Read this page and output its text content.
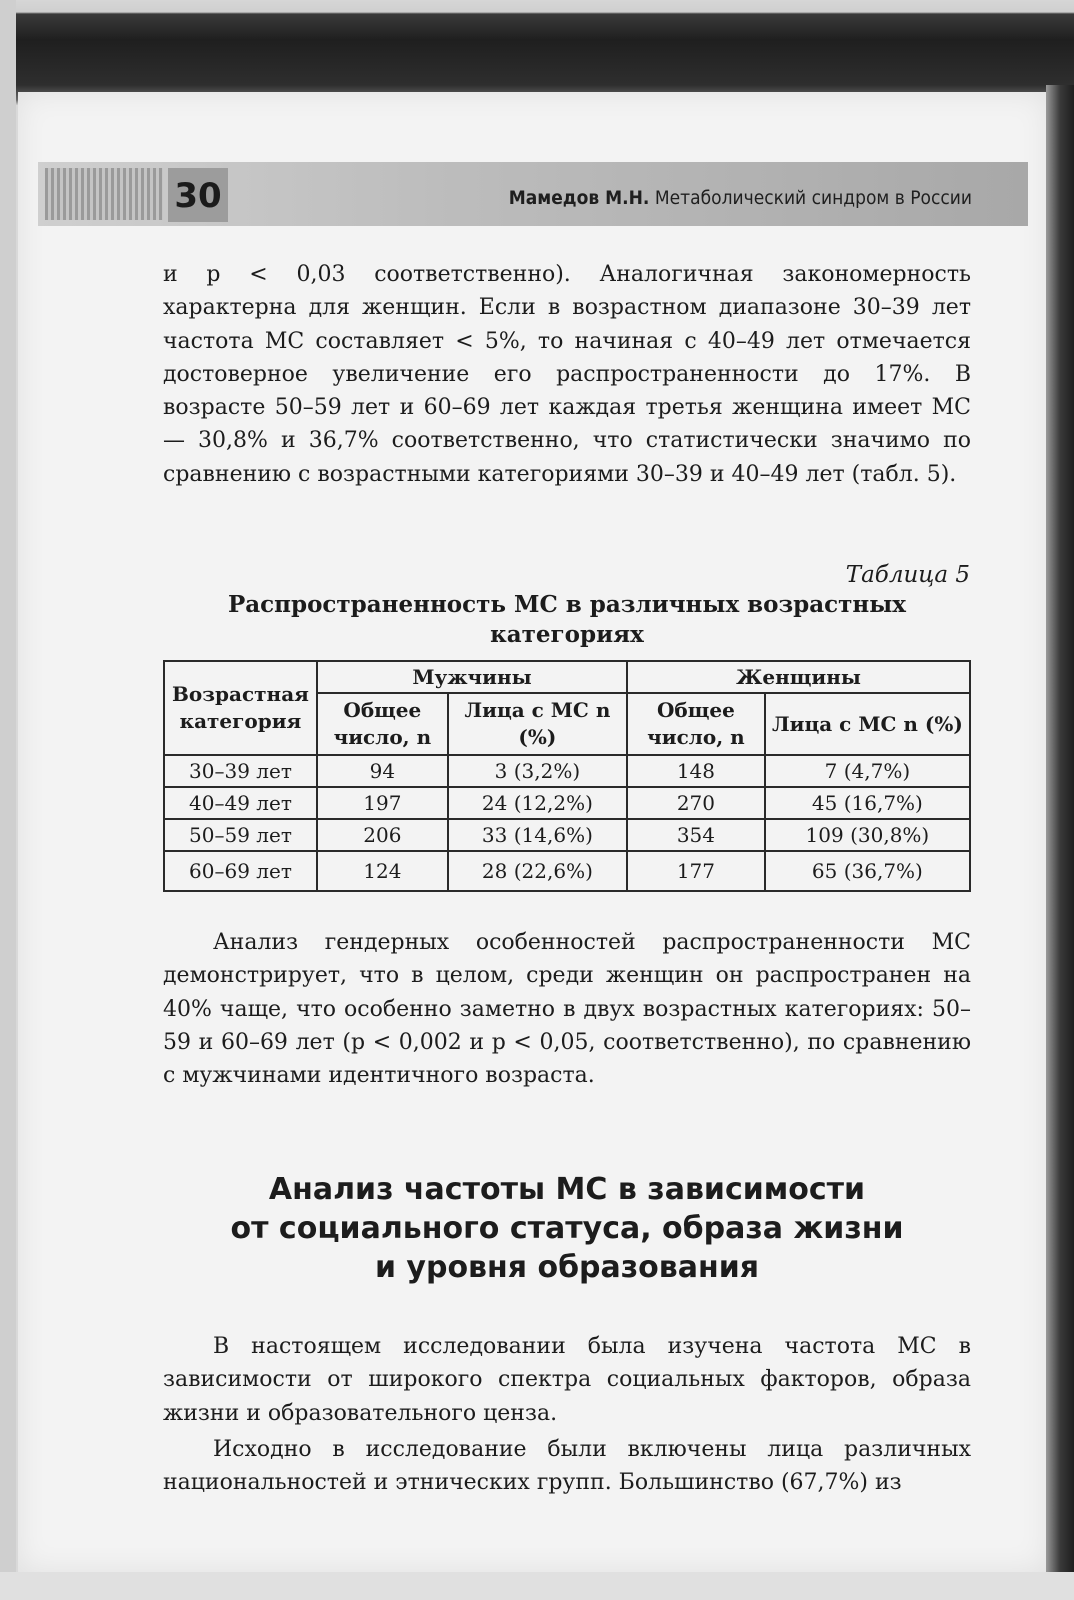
30	Мамедов М.Н. Метаболический синдром в России

и p < 0,03 соответственно). Аналогичная закономерность характерна для женщин. Если в возрастном диапазоне 30–39 лет частота МС составляет < 5%, то начиная с 40–49 лет отмечается достоверное увеличение его распространенности до 17%. В возрасте 50–59 лет и 60–69 лет каждая третья женщина имеет МС — 30,8% и 36,7% соответственно, что статистически значимо по сравнению с возрастными категориями 30–39 и 40–49 лет (табл. 5).

Таблица 5
Распространенность МС в различных возрастных категориях
Возрастная категория	Мужчины		Женщины	
	Общее число, n	Лица с МС n (%)	Общее число, n	Лица с МС n (%)
30–39 лет	94	3 (3,2%)	148	7 (4,7%)
40–49 лет	197	24 (12,2%)	270	45 (16,7%)
50–59 лет	206	33 (14,6%)	354	109 (30,8%)
60–69 лет	124	28 (22,6%)	177	65 (36,7%)

Анализ гендерных особенностей распространенности МС демонстрирует, что в целом, среди женщин он распространен на 40% чаще, что особенно заметно в двух возрастных категориях: 50–59 и 60–69 лет (p < 0,002 и p < 0,05, соответственно), по сравнению с мужчинами идентичного возраста.

Анализ частоты МС в зависимости
от социального статуса, образа жизни
и уровня образования

В настоящем исследовании была изучена частота МС в зависимости от широкого спектра социальных факторов, образа жизни и образовательного ценза.

Исходно в исследование были включены лица различных национальностей и этнических групп. Большинство (67,7%) из
